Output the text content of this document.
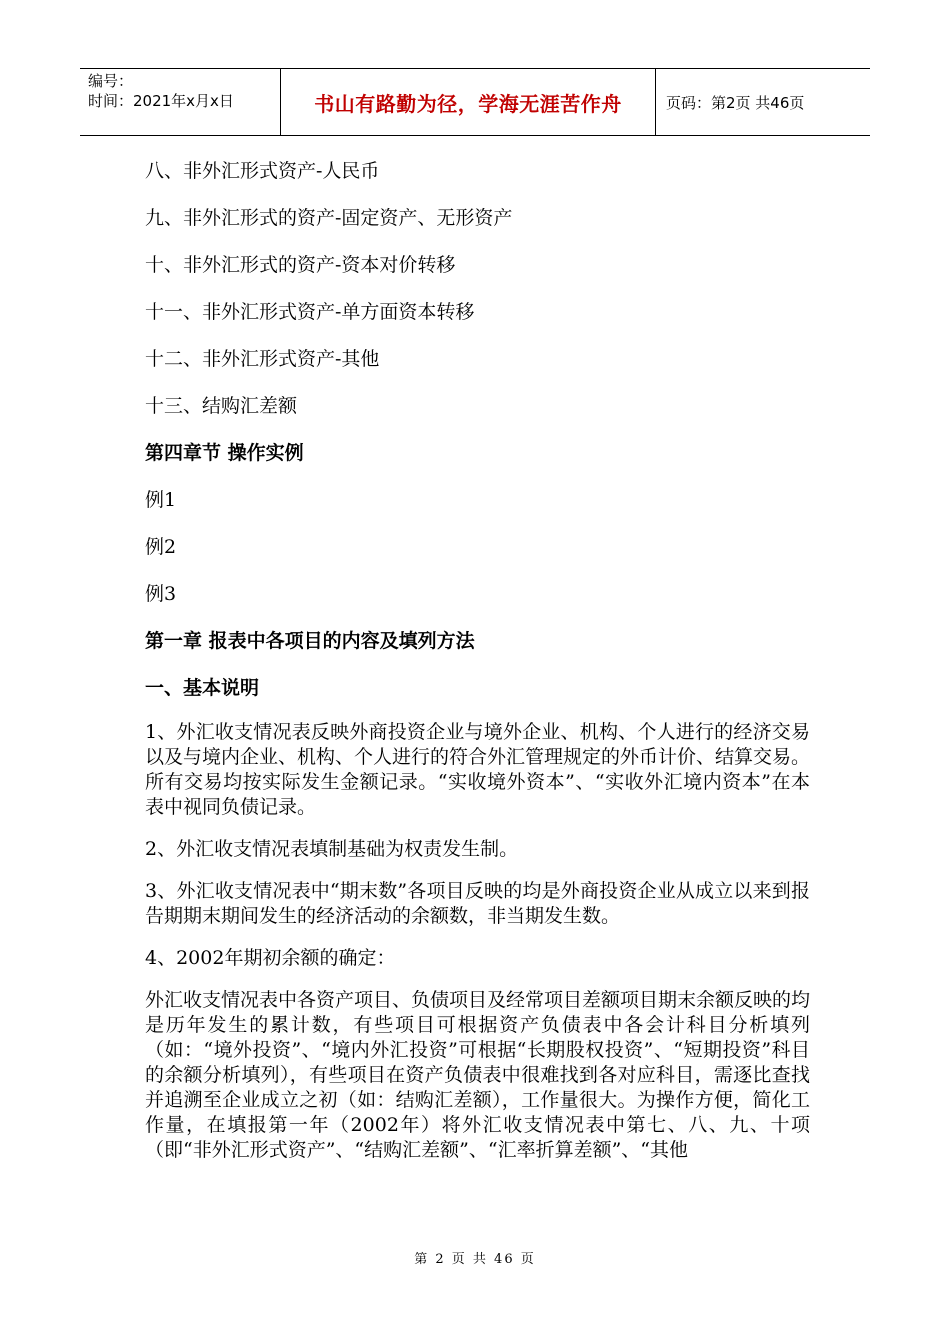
编号：
时间：2021年x月x日	书山有路勤为径，学海无涯苦作舟	页码：第2页 共46页
八、非外汇形式资产-人民币
九、非外汇形式的资产-固定资产、无形资产
十、非外汇形式的资产-资本对价转移
十一、非外汇形式资产-单方面资本转移
十二、非外汇形式资产-其他
十三、结购汇差额
第四章节 操作实例
例1
例2
例3
第一章 报表中各项目的内容及填列方法
一、基本说明

1、外汇收支情况表反映外商投资企业与境外企业、机构、个人进行的经济交易以及与境内企业、机构、个人进行的符合外汇管理规定的外币计价、结算交易。所有交易均按实际发生金额记录。“实收境外资本”、“实收外汇境内资本”在本表中视同负债记录。

2、外汇收支情况表填制基础为权责发生制。

3、外汇收支情况表中“期末数”各项目反映的均是外商投资企业从成立以来到报告期期末期间发生的经济活动的余额数，非当期发生数。

4、2002年期初余额的确定：

外汇收支情况表中各资产项目、负债项目及经常项目差额项目期末余额反映的均是历年发生的累计数，有些项目可根据资产负债表中各会计科目分析填列（如：“境外投资”、“境内外汇投资”可根据“长期股权投资”、“短期投资”科目的余额分析填列），有些项目在资产负债表中很难找到各对应科目，需逐比查找并追溯至企业成立之初（如：结购汇差额），工作量很大。为操作方便，简化工作量，在填报第一年（2002年）将外汇收支情况表中第七、八、九、十项（即“非外汇形式资产”、“结购汇差额”、“汇率折算差额”、“其他

第 2 页 共 46 页
